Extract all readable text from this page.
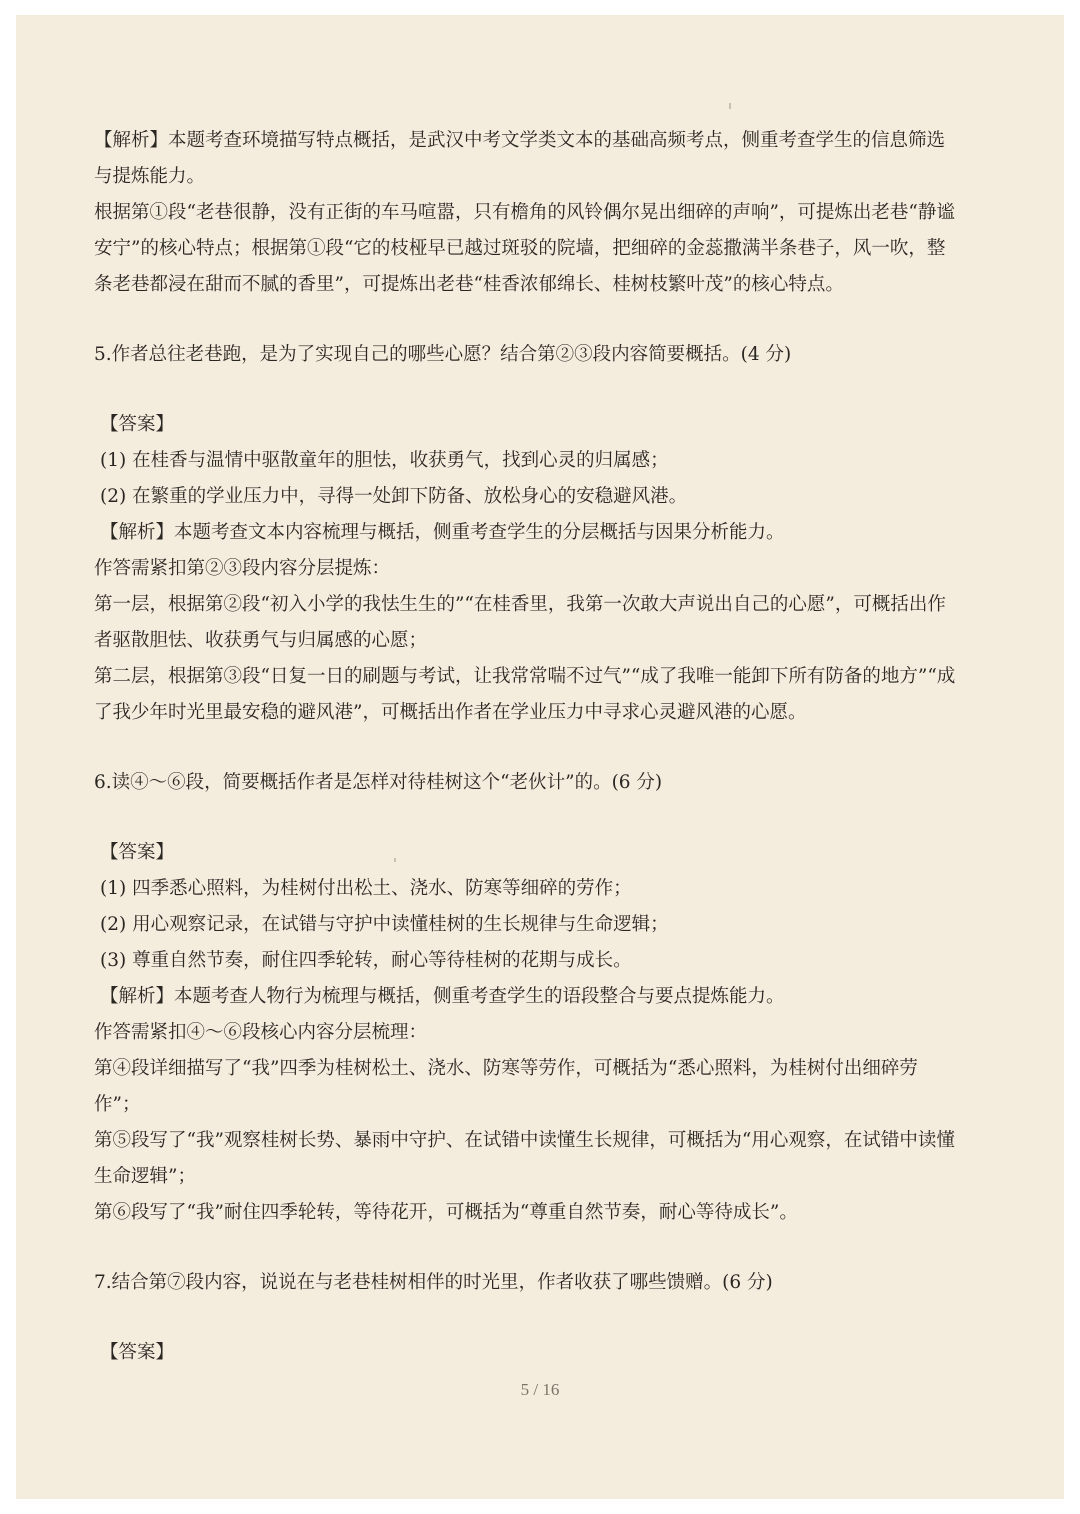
【解析】本题考查环境描写特点概括，是武汉中考文学类文本的基础高频考点，侧重考查学生的信息筛选与提炼能力。

根据第①段“老巷很静，没有正街的车马喧嚣，只有檐角的风铃偶尔晃出细碎的声响”，可提炼出老巷“静谧安宁”的核心特点；根据第①段“它的枝桠早已越过斑驳的院墙，把细碎的金蕊撒满半条巷子，风一吹，整条老巷都浸在甜而不腻的香里”，可提炼出老巷“桂香浓郁绵长、桂树枝繁叶茂”的核心特点。

5.作者总往老巷跑，是为了实现自己的哪些心愿？结合第②③段内容简要概括。(4 分)

【答案】

(1) 在桂香与温情中驱散童年的胆怯，收获勇气，找到心灵的归属感；

(2) 在繁重的学业压力中，寻得一处卸下防备、放松身心的安稳避风港。

【解析】本题考查文本内容梳理与概括，侧重考查学生的分层概括与因果分析能力。

作答需紧扣第②③段内容分层提炼：

第一层，根据第②段“初入小学的我怯生生的”“在桂香里，我第一次敢大声说出自己的心愿”，可概括出作者驱散胆怯、收获勇气与归属感的心愿；

第二层，根据第③段“日复一日的刷题与考试，让我常常喘不过气”“成了我唯一能卸下所有防备的地方”“成了我少年时光里最安稳的避风港”，可概括出作者在学业压力中寻求心灵避风港的心愿。

6.读④～⑥段，简要概括作者是怎样对待桂树这个“老伙计”的。(6 分)

【答案】

(1) 四季悉心照料，为桂树付出松土、浇水、防寒等细碎的劳作；

(2) 用心观察记录，在试错与守护中读懂桂树的生长规律与生命逻辑；

(3) 尊重自然节奏，耐住四季轮转，耐心等待桂树的花期与成长。

【解析】本题考查人物行为梳理与概括，侧重考查学生的语段整合与要点提炼能力。

作答需紧扣④～⑥段核心内容分层梳理：

第④段详细描写了“我”四季为桂树松土、浇水、防寒等劳作，可概括为“悉心照料，为桂树付出细碎劳作”；

第⑤段写了“我”观察桂树长势、暴雨中守护、在试错中读懂生长规律，可概括为“用心观察，在试错中读懂生命逻辑”；

第⑥段写了“我”耐住四季轮转，等待花开，可概括为“尊重自然节奏，耐心等待成长”。

7.结合第⑦段内容，说说在与老巷桂树相伴的时光里，作者收获了哪些馈赠。(6 分)

【答案】

5 / 16
